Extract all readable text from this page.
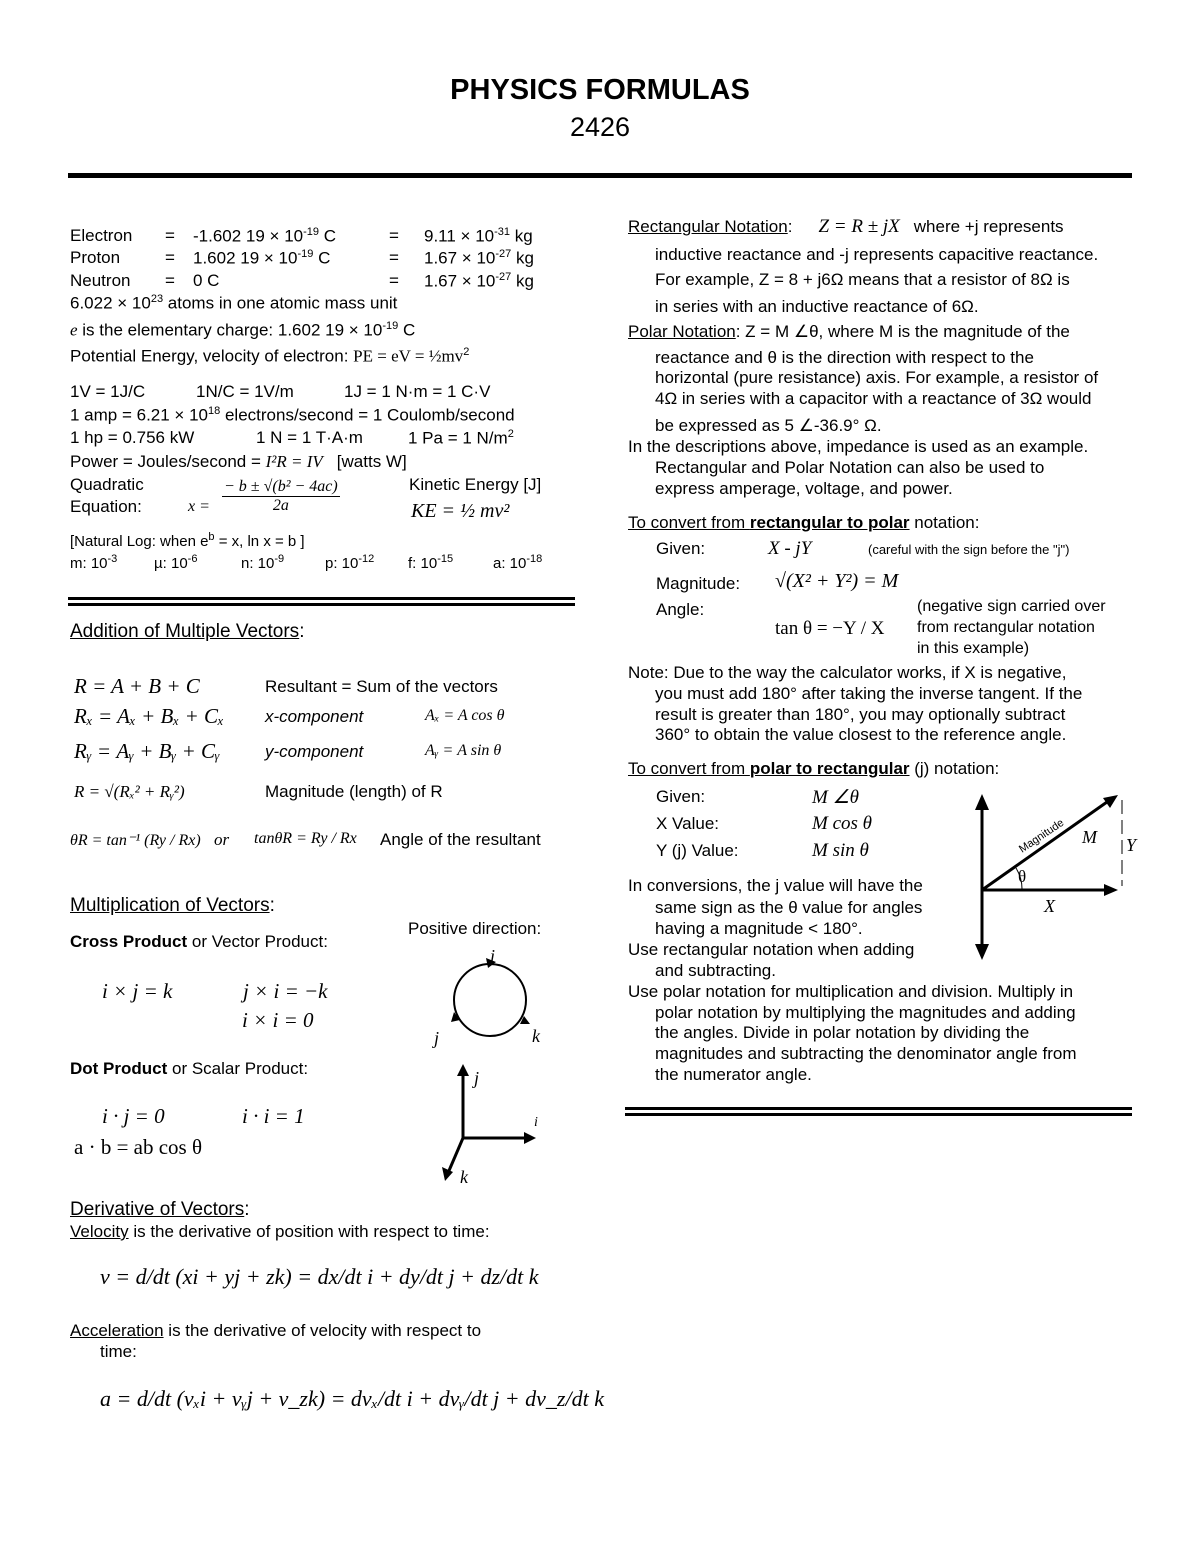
PHYSICS FORMULAS
2426
Electron = -1.602 $19 \times 10^{-19}$ C	= $9.11 \times 10^{-31}$ kg
Proton	= 1.602 $19 \times 10^{-19}$ C	= $1.67 \times 10^{-27}$ kg
Neutron = 0 C	= $1.67 \times 10^{-27}$ kg
$6.022 \times 10^{23}$ atoms in one atomic mass unit
e is the elementary charge: 1.602 $19 \times 10^{-19}$ C
Potential Energy, velocity of electron: PE = eV = $\frac{1}{2}mv^2$
1V = 1J/C	1N/C = 1V/m	1J = 1 N·m = 1 C·V
1 amp = $6.21 \times 10^{18}$ electrons/second = 1 Coulomb/second
1 hp = 0.756 kW	1 N = 1 T·A·m	1 Pa = 1 $N/m^2$
Power = Joules/second = I²R = IV [watts W]
Quadratic
Equation:	$x = \frac{\text{− b ± √(b² − 4ac)}}{2a}$	Kinetic Energy [J]
KE = ½ mv²
[Natural Log: when $e^b = x$, ln x = b ]
m: $10^{-3}$ µ: $10^{-6}$	n: $10^{-9}$	p: $10^{-12}$ f: $10^{-15}$	a: $10^{-18}$
Addition of Multiple Vectors:
R = A + B + C	Resultant = Sum of the vectors
Rₓ = Aₓ + Bₓ + Cₓ x-component	Aₓ = A cos θ
Rᵧ = Aᵧ + Bᵧ + Cᵧ	y-component	Aᵧ = A sin θ
R = √(Rₓ² + Rᵧ²)	Magnitude (length) of R
θR = tan⁻¹ (Ry / Rx) or tanθR = Ry / Rx Angle of the resultant
Multiplication of Vectors:
Positive direction:
Cross Product or Vector Product:
i × j = k	j × i = −k
i × i = 0
i
j	k
Dot Product or Scalar Product:
i · j = 0	i · i = 1
a · b = ab cos θ
j
i
k
Derivative of Vectors:
Velocity is the derivative of position with respect to time:
v = d/dt (xi + yj + zk) = dx/dt i + dy/dt j + dz/dt k
Acceleration is the derivative of velocity with respect to
time:
a = d/dt (vₓi + vᵧj + v_zk) = dvₓ/dt i + dvᵧ/dt j + dv_z/dt k
Rectangular Notation: Z = R ± jX where +j represents
inductive reactance and -j represents capacitive reactance.
For example, Z = 8 + j6Ω means that a resistor of 8Ω is
in series with an inductive reactance of 6Ω.
Polar Notation: Z = M ∠θ, where M is the magnitude of the
reactance and θ is the direction with respect to the
horizontal (pure resistance) axis. For example, a resistor of
4Ω in series with a capacitor with a reactance of 3Ω would
be expressed as 5 ∠-36.9° Ω.
In the descriptions above, impedance is used as an example.
Rectangular and Polar Notation can also be used to
express amperage, voltage, and power.
To convert from rectangular to polar notation:
Given:	X - jY	(careful with the sign before the "j")
Magnitude: √(X² + Y²) = M
Angle:
tan θ = −Y / X
(negative sign carried over
from rectangular notation
in this example)
Note: Due to the way the calculator works, if X is negative,
you must add 180° after taking the inverse tangent. If the
result is greater than 180°, you may optionally subtract
360° to obtain the value closest to the reference angle.
To convert from polar to rectangular (j) notation:
Given:	M ∠θ
X Value:	M cos θ
Y (j) Value:	M sin θ
θ
Magnitude M Y
X
In conversions, the j value will have the
same sign as the θ value for angles
having a magnitude < 180°.
Use rectangular notation when adding
and subtracting.
Use polar notation for multiplication and division. Multiply in
polar notation by multiplying the magnitudes and adding
the angles. Divide in polar notation by dividing the
magnitudes and subtracting the denominator angle from
the numerator angle.
